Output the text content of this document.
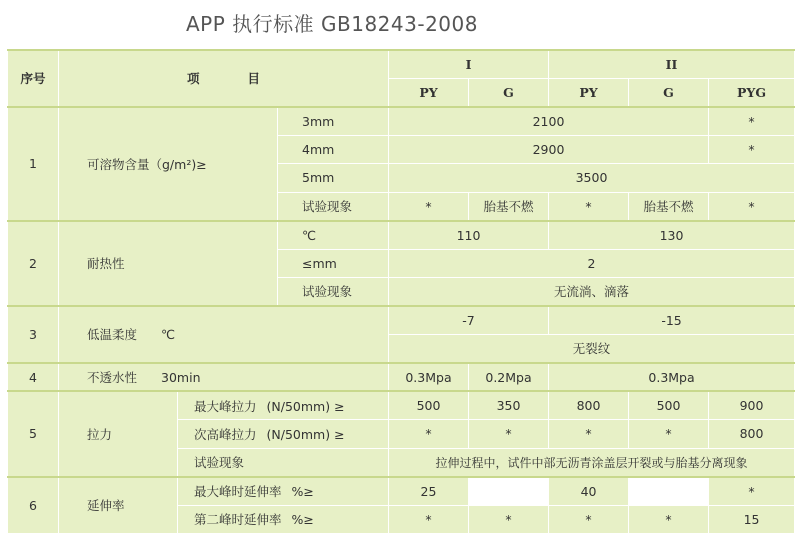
APP 执行标准 GB18243-2008
序号	项 目			I		II		
				PY	G	PY	G	PYG
1	可溶物含量（g/m²)≥		3mm	2100				*
			4mm	2900				*
			5mm	3500				
			试验现象	*	胎基不燃	*	胎基不燃	*
2	耐热性		℃	110		130		
			≤mm	2				
			试验现象	无流淌、滴落				
3	低温柔度 ℃			-7		-15		
				无裂纹				
4	不透水性 30min			0.3Mpa	0.2Mpa	0.3Mpa		
5	拉力	最大峰拉力 (N/50mm) ≥		500	350	800	500	900
		次高峰拉力 (N/50mm) ≥		*	*	*	*	800
		试验现象		拉伸过程中，试件中部无沥青涂盖层开裂或与胎基分离现象				
6	延伸率	最大峰时延伸率 %≥		25		40		*
		第二峰时延伸率 %≥		*	*	*	*	15
